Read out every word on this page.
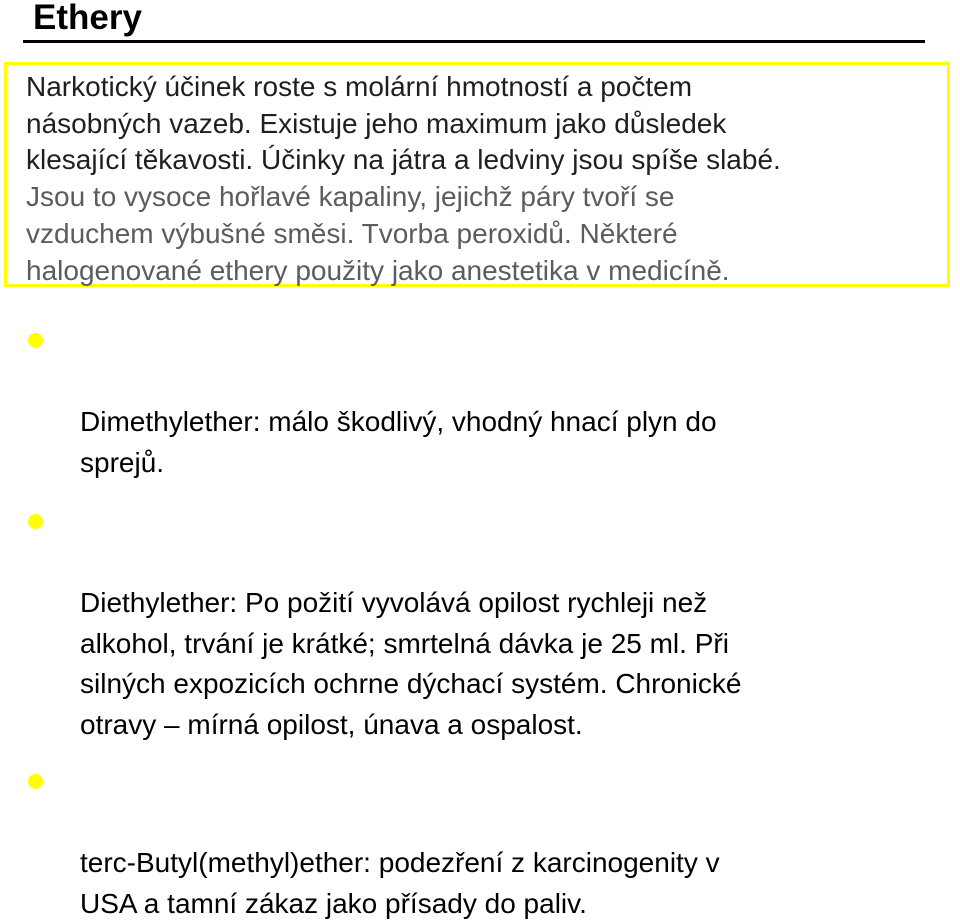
Ethery
Narkotický účinek roste s molární hmotností a počtem
násobných vazeb. Existuje jeho maximum jako důsledek
klesající těkavosti. Účinky na játra a ledviny jsou spíše slabé.
Jsou to vysoce hořlavé kapaliny, jejichž páry tvoří se
vzduchem výbušné směsi. Tvorba peroxidů. Některé
halogenované ethery použity jako anestetika v medicíně.

Dimethylether: málo škodlivý, vhodný hnací plyn do
sprejů.

Diethylether: Po požití vyvolává opilost rychleji než
alkohol, trvání je krátké; smrtelná dávka je 25 ml. Při
silných expozicích ochrne dýchací systém. Chronické
otravy – mírná opilost, únava a ospalost.

terc-Butyl(methyl)ether: podezření z karcinogenity v
USA a tamní zákaz jako přísady do paliv.
